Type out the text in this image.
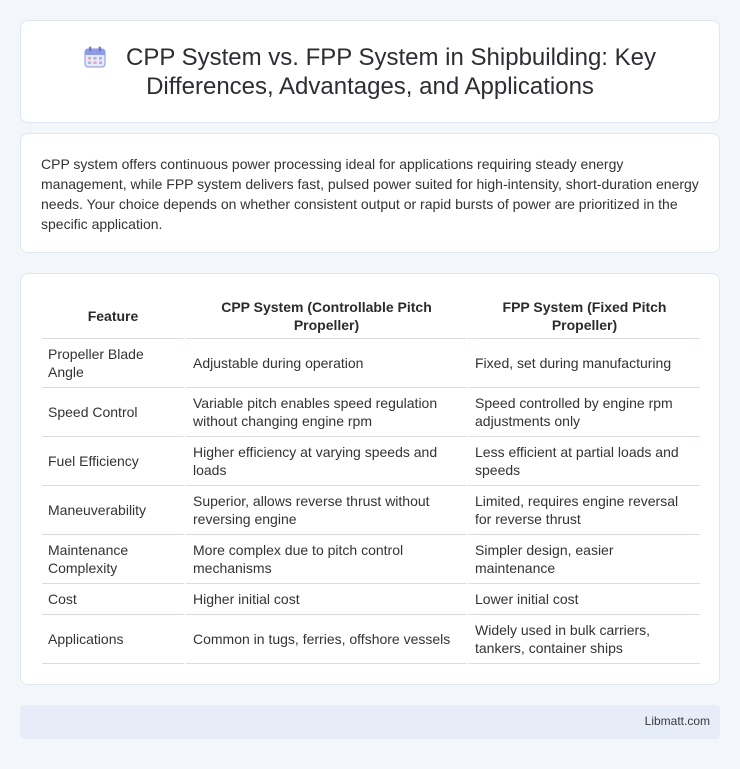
CPP System vs. FPP System in Shipbuilding: Key
Differences, Advantages, and Applications

CPP system offers continuous power processing ideal for applications requiring steady energy management, while FPP system delivers fast, pulsed power suited for high-intensity, short-duration energy needs. Your choice depends on whether consistent output or rapid bursts of power are prioritized in the specific application.

Feature	CPP System (Controllable Pitch Propeller)	FPP System (Fixed Pitch Propeller)
Propeller Blade Angle	Adjustable during operation	Fixed, set during manufacturing
Speed Control	Variable pitch enables speed regulation without changing engine rpm	Speed controlled by engine rpm adjustments only
Fuel Efficiency	Higher efficiency at varying speeds and loads	Less efficient at partial loads and speeds
Maneuverability	Superior, allows reverse thrust without reversing engine	Limited, requires engine reversal for reverse thrust
Maintenance Complexity	More complex due to pitch control mechanisms	Simpler design, easier maintenance
Cost	Higher initial cost	Lower initial cost
Applications	Common in tugs, ferries, offshore vessels	Widely used in bulk carriers, tankers, container ships
Libmatt.com
